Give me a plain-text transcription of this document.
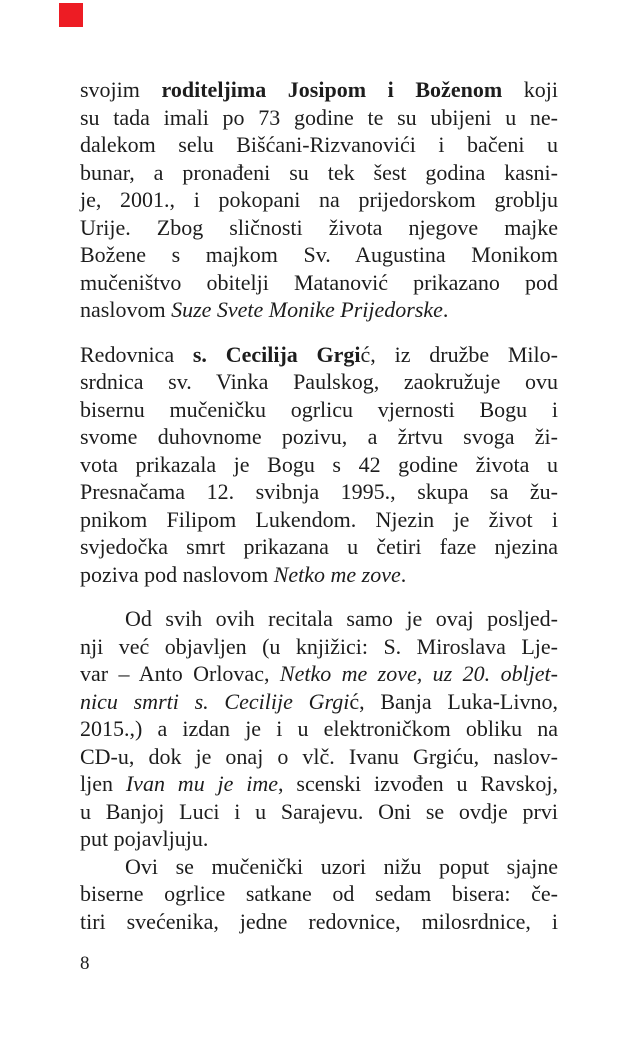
svojim roditeljima Josipom i Boženom koji
su tada imali po 73 godine te su ubijeni u ne-
dalekom selu Bišćani-Rizvanovići i bačeni u
bunar, a pronađeni su tek šest godina kasni-
je, 2001., i pokopani na prijedorskom groblju
Urije. Zbog sličnosti života njegove majke
Božene s majkom Sv. Augustina Monikom
mučeništvo obitelji Matanović prikazano pod
naslovom Suze Svete Monike Prijedorske.
Redovnica s. Cecilija Grgić, iz družbe Milo-
srdnica sv. Vinka Paulskog, zaokružuje ovu
bisernu mučeničku ogrlicu vjernosti Bogu i
svome duhovnome pozivu, a žrtvu svoga ži-
vota prikazala je Bogu s 42 godine života u
Presnačama 12. svibnja 1995., skupa sa žu-
pnikom Filipom Lukendom. Njezin je život i
svjedočka smrt prikazana u četiri faze njezina
poziva pod naslovom Netko me zove.
Od svih ovih recitala samo je ovaj posljed-
nji već objavljen (u knjižici: S. Miroslava Lje-
var – Anto Orlovac, Netko me zove, uz 20. obljet-
nicu smrti s. Cecilije Grgić, Banja Luka-Livno,
2015.,) a izdan je i u elektroničkom obliku na
CD-u, dok je onaj o vlč. Ivanu Grgiću, naslov-
ljen Ivan mu je ime, scenski izvođen u Ravskoj,
u Banjoj Luci i u Sarajevu. Oni se ovdje prvi
put pojavljuju.
Ovi se mučenički uzori nižu poput sjajne
biserne ogrlice satkane od sedam bisera: če-
tiri svećenika, jedne redovnice, milosrdnice, i
8
